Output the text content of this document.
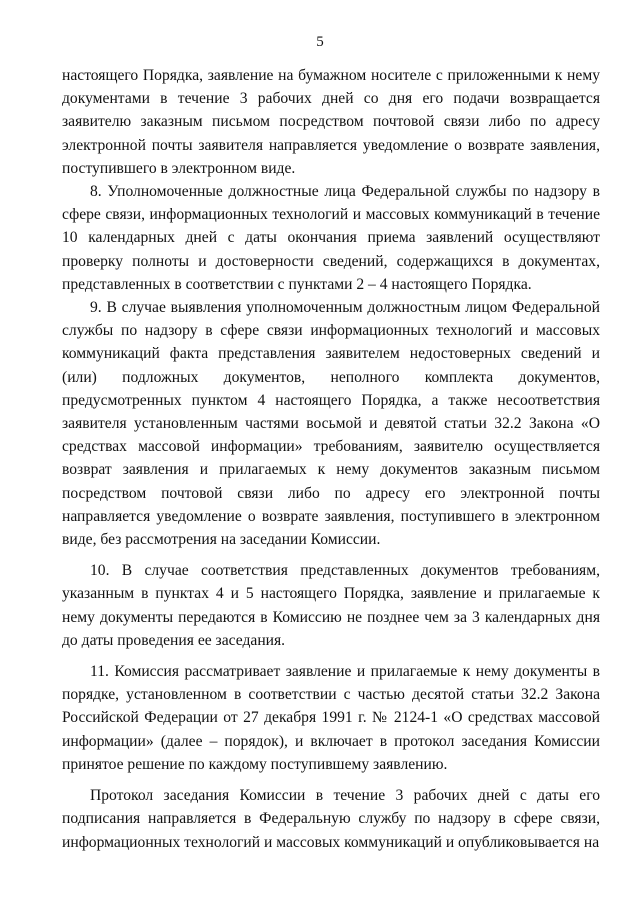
5

настоящего Порядка, заявление на бумажном носителе с приложенными к нему документами в течение 3 рабочих дней со дня его подачи возвращается заявителю заказным письмом посредством почтовой связи либо по адресу электронной почты заявителя направляется уведомление о возврате заявления, поступившего в электронном виде.

8. Уполномоченные должностные лица Федеральной службы по надзору в сфере связи, информационных технологий и массовых коммуникаций в течение 10 календарных дней с даты окончания приема заявлений осуществляют проверку полноты и достоверности сведений, содержащихся в документах, представленных в соответствии с пунктами 2 – 4 настоящего Порядка.

9. В случае выявления уполномоченным должностным лицом Федеральной службы по надзору в сфере связи информационных технологий и массовых коммуникаций факта представления заявителем недостоверных сведений и (или) подложных документов, неполного комплекта документов, предусмотренных пунктом 4 настоящего Порядка, а также несоответствия заявителя установленным частями восьмой и девятой статьи 32.2 Закона «О средствах массовой информации» требованиям, заявителю осуществляется возврат заявления и прилагаемых к нему документов заказным письмом посредством почтовой связи либо по адресу его электронной почты направляется уведомление о возврате заявления, поступившего в электронном виде, без рассмотрения на заседании Комиссии.

10. В случае соответствия представленных документов требованиям, указанным в пунктах 4 и 5 настоящего Порядка, заявление и прилагаемые к нему документы передаются в Комиссию не позднее чем за 3 календарных дня до даты проведения ее заседания.

11. Комиссия рассматривает заявление и прилагаемые к нему документы в порядке, установленном в соответствии с частью десятой статьи 32.2 Закона Российской Федерации от 27 декабря 1991 г. № 2124-1 «О средствах массовой информации» (далее – порядок), и включает в протокол заседания Комиссии принятое решение по каждому поступившему заявлению.

Протокол заседания Комиссии в течение 3 рабочих дней с даты его подписания направляется в Федеральную службу по надзору в сфере связи, информационных технологий и массовых коммуникаций и опубликовывается на
